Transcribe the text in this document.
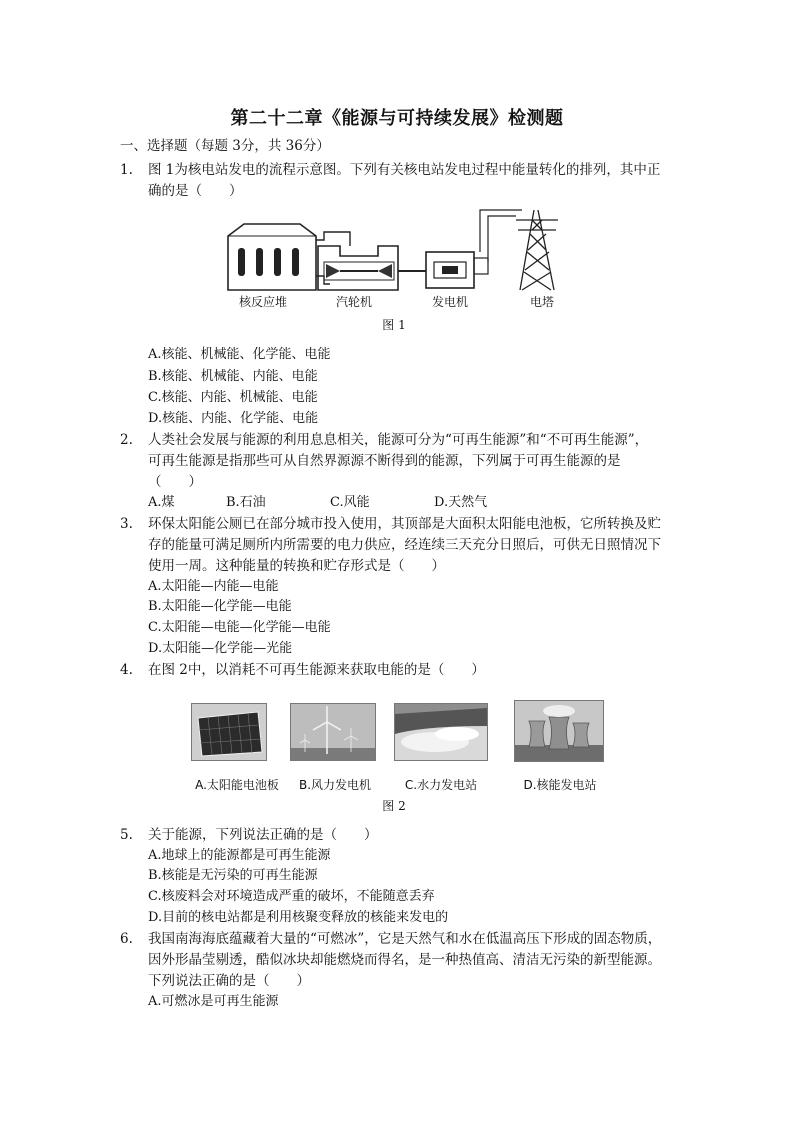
第二十二章《能源与可持续发展》检测题
一、选择题（每题 3分，共 36分）
1. 图 1为核电站发电的流程示意图。下列有关核电站发电过程中能量转化的排列，其中正
确的是（　　）
核反应堆	汽轮机	发电机	电塔
图 1
A.核能、机械能、化学能、电能
B.核能、机械能、内能、电能
C.核能、内能、机械能、电能
D.核能、内能、化学能、电能
2. 人类社会发展与能源的利用息息相关，能源可分为“可再生能源”和“不可再生能源”，
可再生能源是指那些可从自然界源源不断得到的能源，下列属于可再生能源的是
（　　）
A.煤	B.石油	C.风能	D.天然气
3. 环保太阳能公厕已在部分城市投入使用，其顶部是大面积太阳能电池板，它所转换及贮
存的能量可满足厕所内所需要的电力供应，经连续三天充分日照后，可供无日照情况下
使用一周。这种能量的转换和贮存形式是（　　）
A.太阳能—内能—电能
B.太阳能—化学能—电能
C.太阳能—电能—化学能—电能
D.太阳能—化学能—光能
4. 在图 2中，以消耗不可再生能源来获取电能的是（　　）
A.太阳能电池板	B.风力发电机	C.水力发电站	D.核能发电站
图 2
5. 关于能源，下列说法正确的是（　　）
A.地球上的能源都是可再生能源
B.核能是无污染的可再生能源
C.核废料会对环境造成严重的破坏，不能随意丢弃
D.目前的核电站都是利用核聚变释放的核能来发电的
6. 我国南海海底蕴藏着大量的“可燃冰”，它是天然气和水在低温高压下形成的固态物质，
因外形晶莹剔透，酷似冰块却能燃烧而得名，是一种热值高、清洁无污染的新型能源。
下列说法正确的是（　　）
A.可燃冰是可再生能源
